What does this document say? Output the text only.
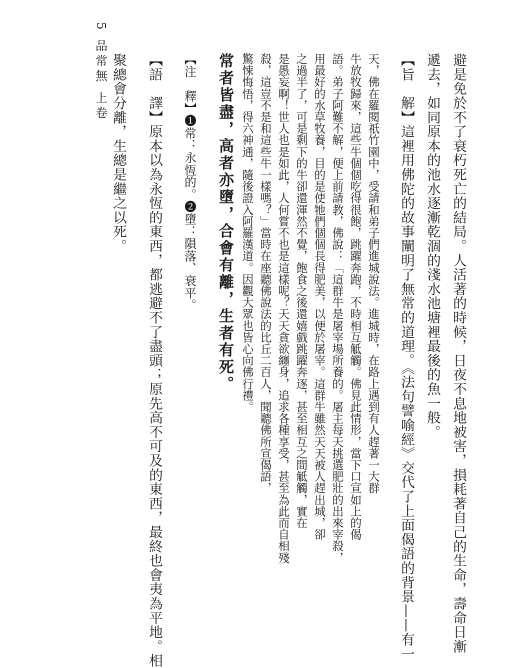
5 品常無 上卷	避是免於不了衰朽死亡的結局。人活著的時候，日夜不息地被害，損耗著自己的生命，壽命日漸
遞去，如同原本的池水逐漸乾涸的淺水池塘裡最後的魚一般。
【旨　解】這裡用佛陀的故事闡明了無常的道理。《法句譬喻經》交代了上面偈語的背景——有一
天，佛在羅閱祇竹園中，受請和弟子們進城說法。進城時，在路上遇到有人趕著一大群
牛放牧歸來，這些牛個個吃得很飽，跳躍奔跑，不時相互觝觸。佛見此情形，當下口宣如上的偈
語。弟子阿難不解，便上前請教，佛說：「這群牛是屠宰場所養的。屠主每天挑選肥壯的出來宰殺，
用最好的水草牧養，目的是使牠們個個長得肥美，以便於屠宰。這群牛雖然天天被人趕出城，卻
之過半了，可是剩下的牛卻還渾然不覺，飽食之後還嬉戲跳躍奔逐，甚至相互之間觝觸，實在
是愚妄啊！世人也是如此，人何嘗不也是這樣呢？天天貪欲纏身，追求各種享受，甚至為此而自相殘
殺，這豈不是和這些牛一樣嗎？」當時在座聽佛說法的比丘二百人，聞聽佛所宣偈語，
驚悚悔悟，得六神通，隨後證入阿羅漢道。因觀大眾也皆心向佛行禮。
常者皆盡，高者亦墮，合會有離，生者有死。
【注　釋】❶常：永恆的。❷墮：隕落、衰平。
【語　譯】原本以為永恆的東西，都逃避不了盡頭；原先高不可及的東西，最終也會夷為平地。相
聚總會分離，生總是繼之以死。
